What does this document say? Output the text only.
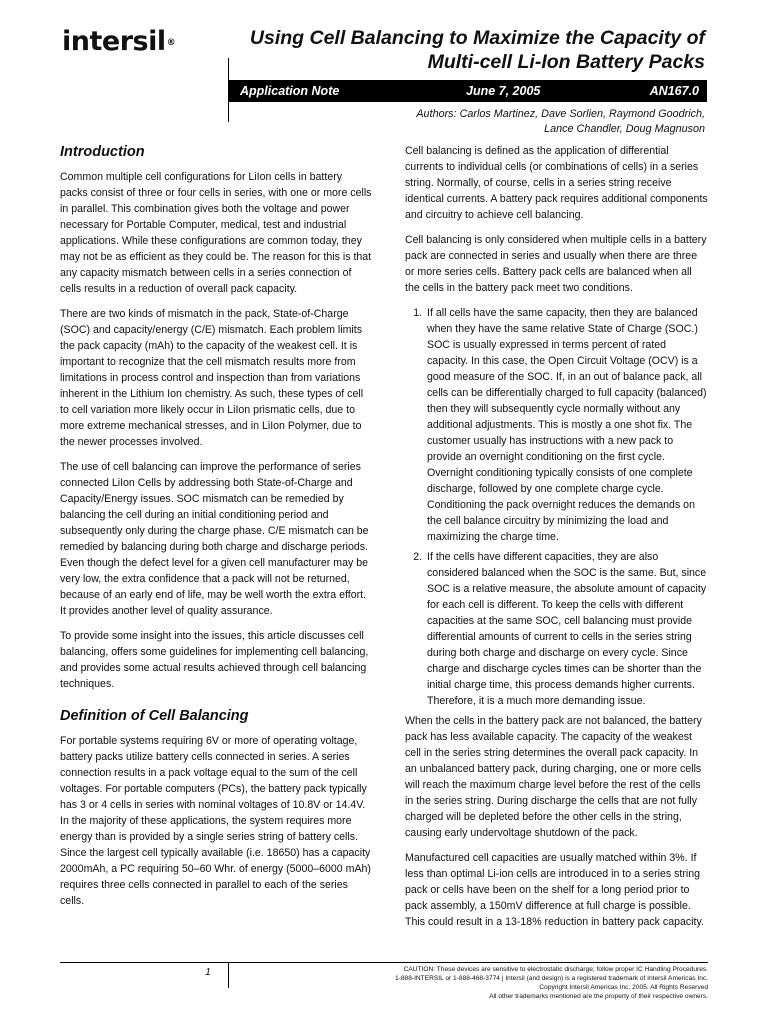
intersil®	Using Cell Balancing to Maximize the Capacity of
Multi-cell Li-Ion Battery Packs
Application Note	June 7, 2005	AN167.0
Authors: Carlos Martinez, Dave Sorlien, Raymond Goodrich,
Lance Chandler, Doug Magnuson
Introduction

Common multiple cell configurations for LiIon cells in battery packs consist of three or four cells in series, with one or more cells in parallel. This combination gives both the voltage and power necessary for Portable Computer, medical, test and industrial applications. While these configurations are common today, they may not be as efficient as they could be. The reason for this is that any capacity mismatch between cells in a series connection of cells results in a reduction of overall pack capacity.

There are two kinds of mismatch in the pack, State-of-Charge (SOC) and capacity/energy (C/E) mismatch. Each problem limits the pack capacity (mAh) to the capacity of the weakest cell. It is important to recognize that the cell mismatch results more from limitations in process control and inspection than from variations inherent in the Lithium Ion chemistry. As such, these types of cell to cell variation more likely occur in LiIon prismatic cells, due to more extreme mechanical stresses, and in LiIon Polymer, due to the newer processes involved.

The use of cell balancing can improve the performance of series connected LiIon Cells by addressing both State-of-Charge and Capacity/Energy issues. SOC mismatch can be remedied by balancing the cell during an initial conditioning period and subsequently only during the charge phase. C/E mismatch can be remedied by balancing during both charge and discharge periods. Even though the defect level for a given cell manufacturer may be very low, the extra confidence that a pack will not be returned, because of an early end of life, may be well worth the extra effort. It provides another level of quality assurance.

To provide some insight into the issues, this article discusses cell balancing, offers some guidelines for implementing cell balancing, and provides some actual results achieved through cell balancing techniques.

Definition of Cell Balancing

For portable systems requiring 6V or more of operating voltage, battery packs utilize battery cells connected in series. A series connection results in a pack voltage equal to the sum of the cell voltages. For portable computers (PCs), the battery pack typically has 3 or 4 cells in series with nominal voltages of 10.8V or 14.4V. In the majority of these applications, the system requires more energy than is provided by a single series string of battery cells. Since the largest cell typically available (i.e. 18650) has a capacity 2000mAh, a PC requiring 50–60 Whr. of energy (5000–6000 mAh) requires three cells connected in parallel to each of the series cells.

Cell balancing is defined as the application of differential currents to individual cells (or combinations of cells) in a series string. Normally, of course, cells in a series string receive identical currents. A battery pack requires additional components and circuitry to achieve cell balancing.

Cell balancing is only considered when multiple cells in a battery pack are connected in series and usually when there are three or more series cells. Battery pack cells are balanced when all the cells in the battery pack meet two conditions.

1. If all cells have the same capacity, then they are balanced when they have the same relative State of Charge (SOC.) SOC is usually expressed in terms percent of rated capacity. In this case, the Open Circuit Voltage (OCV) is a good measure of the SOC. If, in an out of balance pack, all cells can be differentially charged to full capacity (balanced) then they will subsequently cycle normally without any additional adjustments. This is mostly a one shot fix. The customer usually has instructions with a new pack to provide an overnight conditioning on the first cycle. Overnight conditioning typically consists of one complete discharge, followed by one complete charge cycle. Conditioning the pack overnight reduces the demands on the cell balance circuitry by minimizing the load and maximizing the charge time.
2. If the cells have different capacities, they are also considered balanced when the SOC is the same. But, since SOC is a relative measure, the absolute amount of capacity for each cell is different. To keep the cells with different capacities at the same SOC, cell balancing must provide differential amounts of current to cells in the series string during both charge and discharge on every cycle. Since charge and discharge cycles times can be shorter than the initial charge time, this process demands higher currents. Therefore, it is a much more demanding issue.

When the cells in the battery pack are not balanced, the battery pack has less available capacity. The capacity of the weakest cell in the series string determines the overall pack capacity. In an unbalanced battery pack, during charging, one or more cells will reach the maximum charge level before the rest of the cells in the series string. During discharge the cells that are not fully charged will be depleted before the other cells in the string, causing early undervoltage shutdown of the pack.

Manufactured cell capacities are usually matched within 3%. If less than optimal Li-ion cells are introduced in to a series string pack or cells have been on the shelf for a long period prior to pack assembly, a 150mV difference at full charge is possible. This could result in a 13-18% reduction in battery pack capacity.

1	CAUTION: These devices are sensitive to electrostatic discharge; follow proper IC Handling Procedures.
1-888-INTERSIL or 1-888-468-3774 | Intersil (and design) is a registered trademark of Intersil Americas Inc.
Copyright Intersil Americas Inc. 2005. All Rights Reserved
All other trademarks mentioned are the property of their respective owners.
